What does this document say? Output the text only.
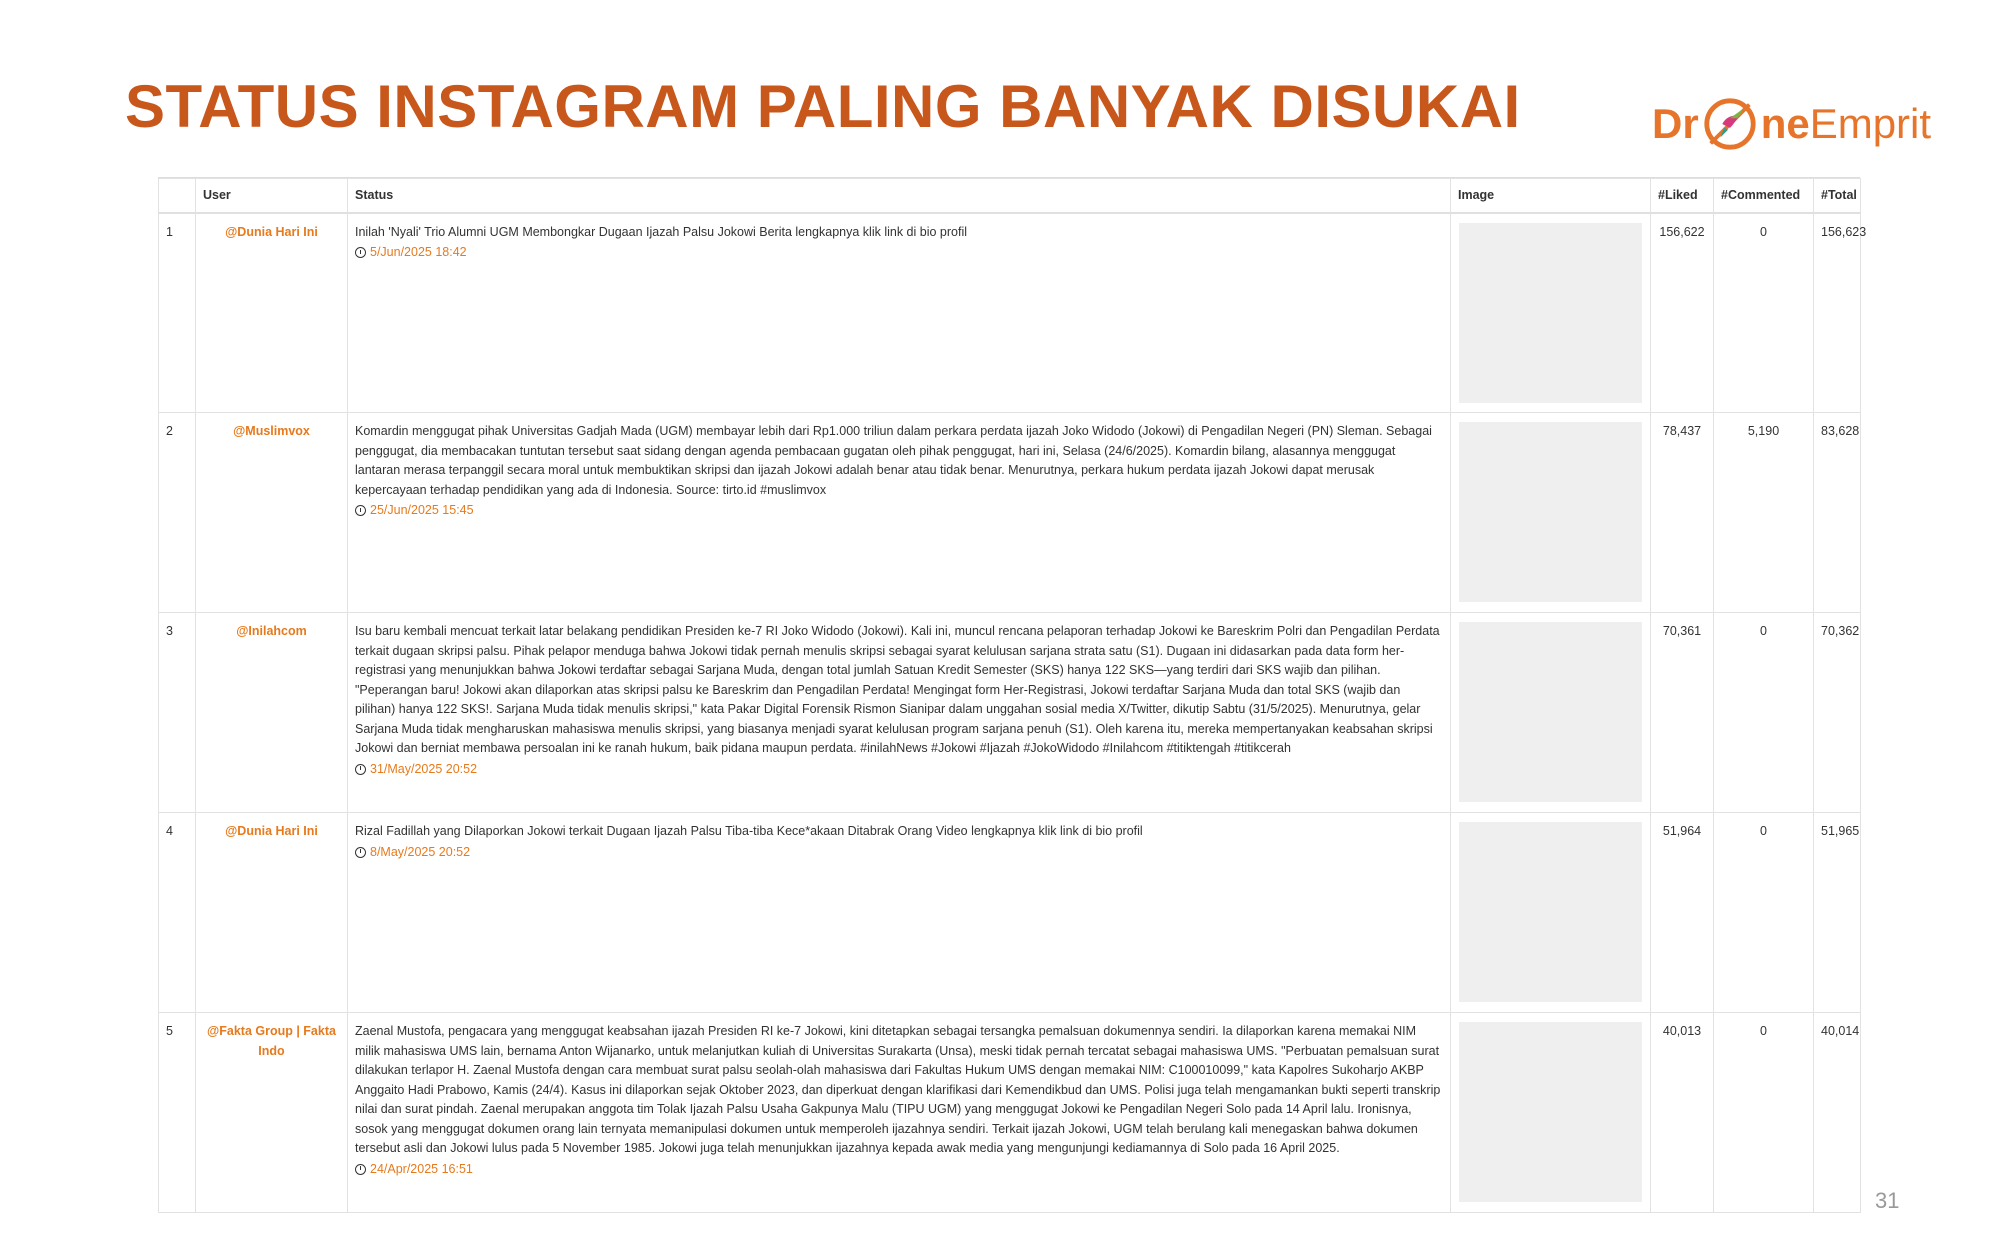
STATUS INSTAGRAM PALING BANYAK DISUKAI	Dr ne Emprit
	User	Status	Image	#Liked	#Commented	#Total
1	@Dunia Hari Ini	Inilah 'Nyali' Trio Alumni UGM Membongkar Dugaan Ijazah Palsu Jokowi Berita lengkapnya klik link di bio profil
5/Jun/2025 18:42		156,622	0	156,623
2	@Muslimvox	Komardin menggugat pihak Universitas Gadjah Mada (UGM) membayar lebih dari Rp1.000 triliun dalam perkara perdata ijazah Joko Widodo (Jokowi) di Pengadilan Negeri (PN) Sleman. Sebagai penggugat, dia membacakan tuntutan tersebut saat sidang dengan agenda pembacaan gugatan oleh pihak penggugat, hari ini, Selasa (24/6/2025). Komardin bilang, alasannya menggugat lantaran merasa terpanggil secara moral untuk membuktikan skripsi dan ijazah Jokowi adalah benar atau tidak benar. Menurutnya, perkara hukum perdata ijazah Jokowi dapat merusak kepercayaan terhadap pendidikan yang ada di Indonesia. Source: tirto.id #muslimvox
25/Jun/2025 15:45		78,437	5,190	83,628
3	@Inilahcom	Isu baru kembali mencuat terkait latar belakang pendidikan Presiden ke-7 RI Joko Widodo (Jokowi). Kali ini, muncul rencana pelaporan terhadap Jokowi ke Bareskrim Polri dan Pengadilan Perdata terkait dugaan skripsi palsu. Pihak pelapor menduga bahwa Jokowi tidak pernah menulis skripsi sebagai syarat kelulusan sarjana strata satu (S1). Dugaan ini didasarkan pada data form her-registrasi yang menunjukkan bahwa Jokowi terdaftar sebagai Sarjana Muda, dengan total jumlah Satuan Kredit Semester (SKS) hanya 122 SKS—yang terdiri dari SKS wajib dan pilihan. "Peperangan baru! Jokowi akan dilaporkan atas skripsi palsu ke Bareskrim dan Pengadilan Perdata! Mengingat form Her-Registrasi, Jokowi terdaftar Sarjana Muda dan total SKS (wajib dan pilihan) hanya 122 SKS!. Sarjana Muda tidak menulis skripsi," kata Pakar Digital Forensik Rismon Sianipar dalam unggahan sosial media X/Twitter, dikutip Sabtu (31/5/2025). Menurutnya, gelar Sarjana Muda tidak mengharuskan mahasiswa menulis skripsi, yang biasanya menjadi syarat kelulusan program sarjana penuh (S1). Oleh karena itu, mereka mempertanyakan keabsahan skripsi Jokowi dan berniat membawa persoalan ini ke ranah hukum, baik pidana maupun perdata. #inilahNews #Jokowi #Ijazah #JokoWidodo #Inilahcom #titiktengah #titikcerah
31/May/2025 20:52		70,361	0	70,362
4	@Dunia Hari Ini	Rizal Fadillah yang Dilaporkan Jokowi terkait Dugaan Ijazah Palsu Tiba-tiba Kece*akaan Ditabrak Orang Video lengkapnya klik link di bio profil
8/May/2025 20:52		51,964	0	51,965
5	@Fakta Group | Fakta Indo	Zaenal Mustofa, pengacara yang menggugat keabsahan ijazah Presiden RI ke-7 Jokowi, kini ditetapkan sebagai tersangka pemalsuan dokumennya sendiri. Ia dilaporkan karena memakai NIM milik mahasiswa UMS lain, bernama Anton Wijanarko, untuk melanjutkan kuliah di Universitas Surakarta (Unsa), meski tidak pernah tercatat sebagai mahasiswa UMS. "Perbuatan pemalsuan surat dilakukan terlapor H. Zaenal Mustofa dengan cara membuat surat palsu seolah-olah mahasiswa dari Fakultas Hukum UMS dengan memakai NIM: C100010099," kata Kapolres Sukoharjo AKBP Anggaito Hadi Prabowo, Kamis (24/4). Kasus ini dilaporkan sejak Oktober 2023, dan diperkuat dengan klarifikasi dari Kemendikbud dan UMS. Polisi juga telah mengamankan bukti seperti transkrip nilai dan surat pindah. Zaenal merupakan anggota tim Tolak Ijazah Palsu Usaha Gakpunya Malu (TIPU UGM) yang menggugat Jokowi ke Pengadilan Negeri Solo pada 14 April lalu. Ironisnya, sosok yang menggugat dokumen orang lain ternyata memanipulasi dokumen untuk memperoleh ijazahnya sendiri. Terkait ijazah Jokowi, UGM telah berulang kali menegaskan bahwa dokumen tersebut asli dan Jokowi lulus pada 5 November 1985. Jokowi juga telah menunjukkan ijazahnya kepada awak media yang mengunjungi kediamannya di Solo pada 16 April 2025.
24/Apr/2025 16:51		40,013	0	40,014
31
